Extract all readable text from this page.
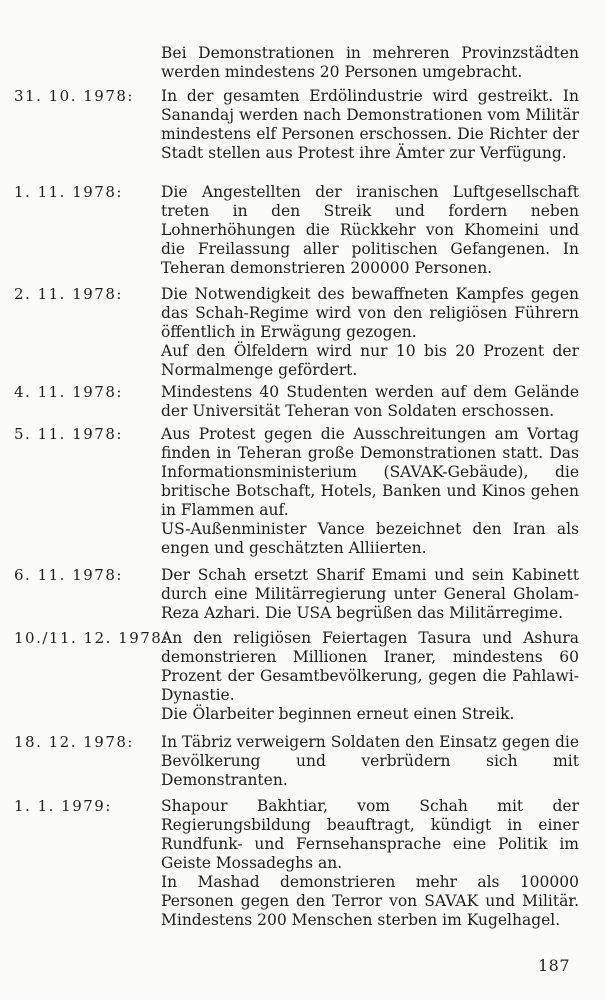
Bei Demonstrationen in mehreren Provinzstädten werden mindestens 20 Personen umgebracht.

31. 10. 1978: In der gesamten Erdölindustrie wird gestreikt. In Sanandaj werden nach Demonstrationen vom Militär mindestens elf Personen erschossen. Die Richter der Stadt stellen aus Protest ihre Ämter zur Verfügung.

1. 11. 1978: Die Angestellten der iranischen Luftgesellschaft treten in den Streik und fordern neben Lohnerhöhungen die Rückkehr von Khomeini und die Freilassung aller politischen Gefangenen. In Teheran demonstrieren 200000 Personen.

2. 11. 1978: Die Notwendigkeit des bewaffneten Kampfes gegen das Schah-Regime wird von den religiösen Führern öffentlich in Erwägung gezogen.

Auf den Ölfeldern wird nur 10 bis 20 Prozent der Normalmenge gefördert.

4. 11. 1978: Mindestens 40 Studenten werden auf dem Gelände der Universität Teheran von Soldaten erschossen.

5. 11. 1978: Aus Protest gegen die Ausschreitungen am Vortag finden in Teheran große Demonstrationen statt. Das Informationsministerium (SAVAK-Gebäude), die britische Botschaft, Hotels, Banken und Kinos gehen in Flammen auf.

US-Außenminister Vance bezeichnet den Iran als engen und geschätzten Alliierten.

6. 11. 1978: Der Schah ersetzt Sharif Emami und sein Kabinett durch eine Militärregierung unter General Gholam-Reza Azhari. Die USA begrüßen das Militärregime.

10./11. 12. 1978:

An den religiösen Feiertagen Tasura und Ashura demonstrieren Millionen Iraner, mindestens 60 Prozent der Gesamtbevölkerung, gegen die Pahlawi-Dynastie.

Die Ölarbeiter beginnen erneut einen Streik.

18. 12. 1978: In Täbriz verweigern Soldaten den Einsatz gegen die Bevölkerung und verbrüdern sich mit Demonstranten.

1. 1. 1979:	Shapour Bakhtiar, vom Schah mit der Regierungsbildung beauftragt, kündigt in einer Rundfunk- und Fernsehansprache eine Politik im Geiste Mossadeghs an.

In Mashad demonstrieren mehr als 100000 Personen gegen den Terror von SAVAK und Militär. Mindestens 200 Menschen sterben im Kugelhagel.

187
